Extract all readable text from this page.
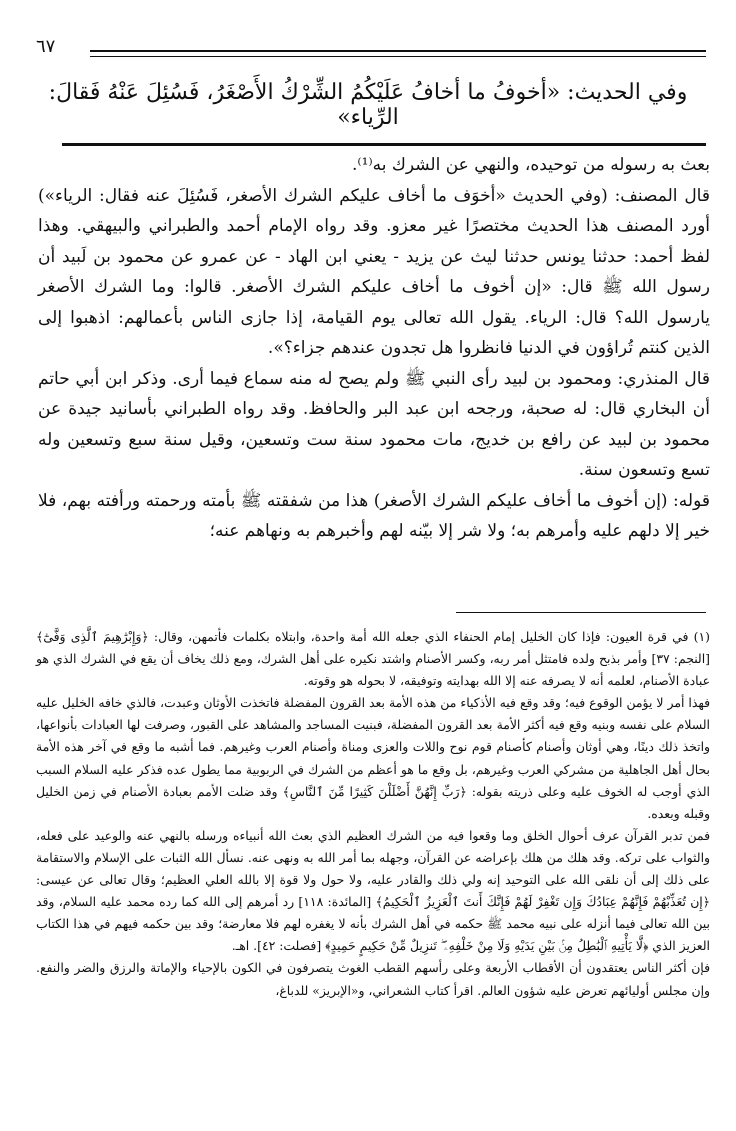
٦٧
وفي الحديث: «أخوفُ ما أخافُ عَلَيْكُمُ الشِّرْكُ الأَصْغَرُ، فَسُئِلَ عَنْهُ فَقالَ: الرِّياء»

بعث به رسوله من توحيده، والنهي عن الشرك به⁽¹⁾.

قال المصنف: (وفي الحديث «أخوَف ما أخاف عليكم الشرك الأصغر، فَسُئِلَ عنه فقال: الرياء») أورد المصنف هذا الحديث مختصرًا غير معزو. وقد رواه الإمام أحمد والطبراني والبيهقي. وهذا لفظ أحمد: حدثنا يونس حدثنا ليث عن يزيد - يعني ابن الهاد - عن عمرو عن محمود بن لَبيد أن رسول الله ﷺ قال: «إن أخوف ما أخاف عليكم الشرك الأصغر. قالوا: وما الشرك الأصغر يارسول الله؟ قال: الرياء. يقول الله تعالى يوم القيامة، إذا جازى الناس بأعمالهم: اذهبوا إلى الذين كنتم تُراؤون في الدنيا فانظروا هل تجدون عندهم جزاء؟».

قال المنذري: ومحمود بن لبيد رأى النبي ﷺ ولم يصح له منه سماع فيما أرى. وذكر ابن أبي حاتم أن البخاري قال: له صحبة، ورجحه ابن عبد البر والحافظ. وقد رواه الطبراني بأسانيد جيدة عن محمود بن لبيد عن رافع بن خديج، مات محمود سنة ست وتسعين، وقيل سنة سبع وتسعين وله تسع وتسعون سنة.

قوله: (إن أخوف ما أخاف عليكم الشرك الأصغر) هذا من شفقته ﷺ بأمته ورحمته ورأفته بهم، فلا خير إلا دلهم عليه وأمرهم به؛ ولا شر إلا بيّنه لهم وأخبرهم به ونهاهم عنه؛

(١) في قرة العيون: فإذا كان الخليل إمام الحنفاء الذي جعله الله أمة واحدة، وابتلاه بكلمات فأتمهن، وقال: ﴿وَإِبْرَٰهِيمَ ٱلَّذِى وَفَّىٰٓ﴾ [النجم: ٣٧] وأمر بذبح ولده فامتثل أمر ربه، وكسر الأصنام واشتد نكيره على أهل الشرك، ومع ذلك يخاف أن يقع في الشرك الذي هو عبادة الأصنام، لعلمه أنه لا يصرفه عنه إلا الله بهدايته وتوفيقه، لا بحوله هو وقوته.

فهذا أمر لا يؤمن الوقوع فيه؛ وقد وقع فيه الأذكياء من هذه الأمة بعد القرون المفضلة فاتخذت الأوثان وعبدت، فالذي خافه الخليل عليه السلام على نفسه وبنيه وقع فيه أكثر الأمة بعد القرون المفضلة، فبنيت المساجد والمشاهد على القبور، وصرفت لها العبادات بأنواعها، واتخذ ذلك دينًا، وهي أوثان وأصنام كأصنام قوم نوح واللات والعزى ومناة وأصنام العرب وغيرهم. فما أشبه ما وقع في آخر هذه الأمة بحال أهل الجاهلية من مشركي العرب وغيرهم، بل وقع ما هو أعظم من الشرك في الربوبية مما يطول عده فذكر عليه السلام السبب الذي أوجب له الخوف عليه وعلى ذريته بقوله: ﴿رَبِّ إِنَّهُنَّ أَضْلَلْنَ كَثِيرًا مِّنَ ٱلنَّاسِ﴾ وقد ضلت الأمم بعبادة الأصنام في زمن الخليل وقبله وبعده.

فمن تدبر القرآن عرف أحوال الخلق وما وقعوا فيه من الشرك العظيم الذي بعث الله أنبياءه ورسله بالنهي عنه والوعيد على فعله، والثواب على تركه. وقد هلك من هلك بإعراضه عن القرآن، وجهله بما أمر الله به ونهى عنه. نسأل الله الثبات على الإسلام والاستقامة على ذلك إلى أن نلقى الله على التوحيد إنه ولي ذلك والقادر عليه، ولا حول ولا قوة إلا بالله العلي العظيم؛ وقال تعالى عن عيسى: ﴿إِن تُعَذِّبْهُمْ فَإِنَّهُمْ عِبَادُكَ وَإِن تَغْفِرْ لَهُمْ فَإِنَّكَ أَنتَ ٱلْعَزِيزُ ٱلْحَكِيمُ﴾ [المائدة: ١١٨] رد أمرهم إلى الله كما رده محمد عليه السلام، وقد بين الله تعالى فيما أنزله على نبيه محمد ﷺ حكمه في أهل الشرك بأنه لا يغفره لهم فلا معارضة؛ وقد بين حكمه فيهم في هذا الكتاب العزيز الذي ﴿لَّا يَأْتِيهِ ٱلْبَٰطِلُ مِنۢ بَيْنِ يَدَيْهِ وَلَا مِنْ خَلْفِهِۦ ۖ تَنزِيلٌ مِّنْ حَكِيمٍ حَمِيدٍ﴾ [فصلت: ٤٢]. اهـ.

فإن أكثر الناس يعتقدون أن الأقطاب الأربعة وعلى رأسهم القطب الغوث يتصرفون في الكون بالإحياء والإماتة والرزق والضر والنفع. وإن مجلس أوليائهم تعرض عليه شؤون العالم. اقرأ كتاب الشعراني، و«الإبريز» للدباغ،
